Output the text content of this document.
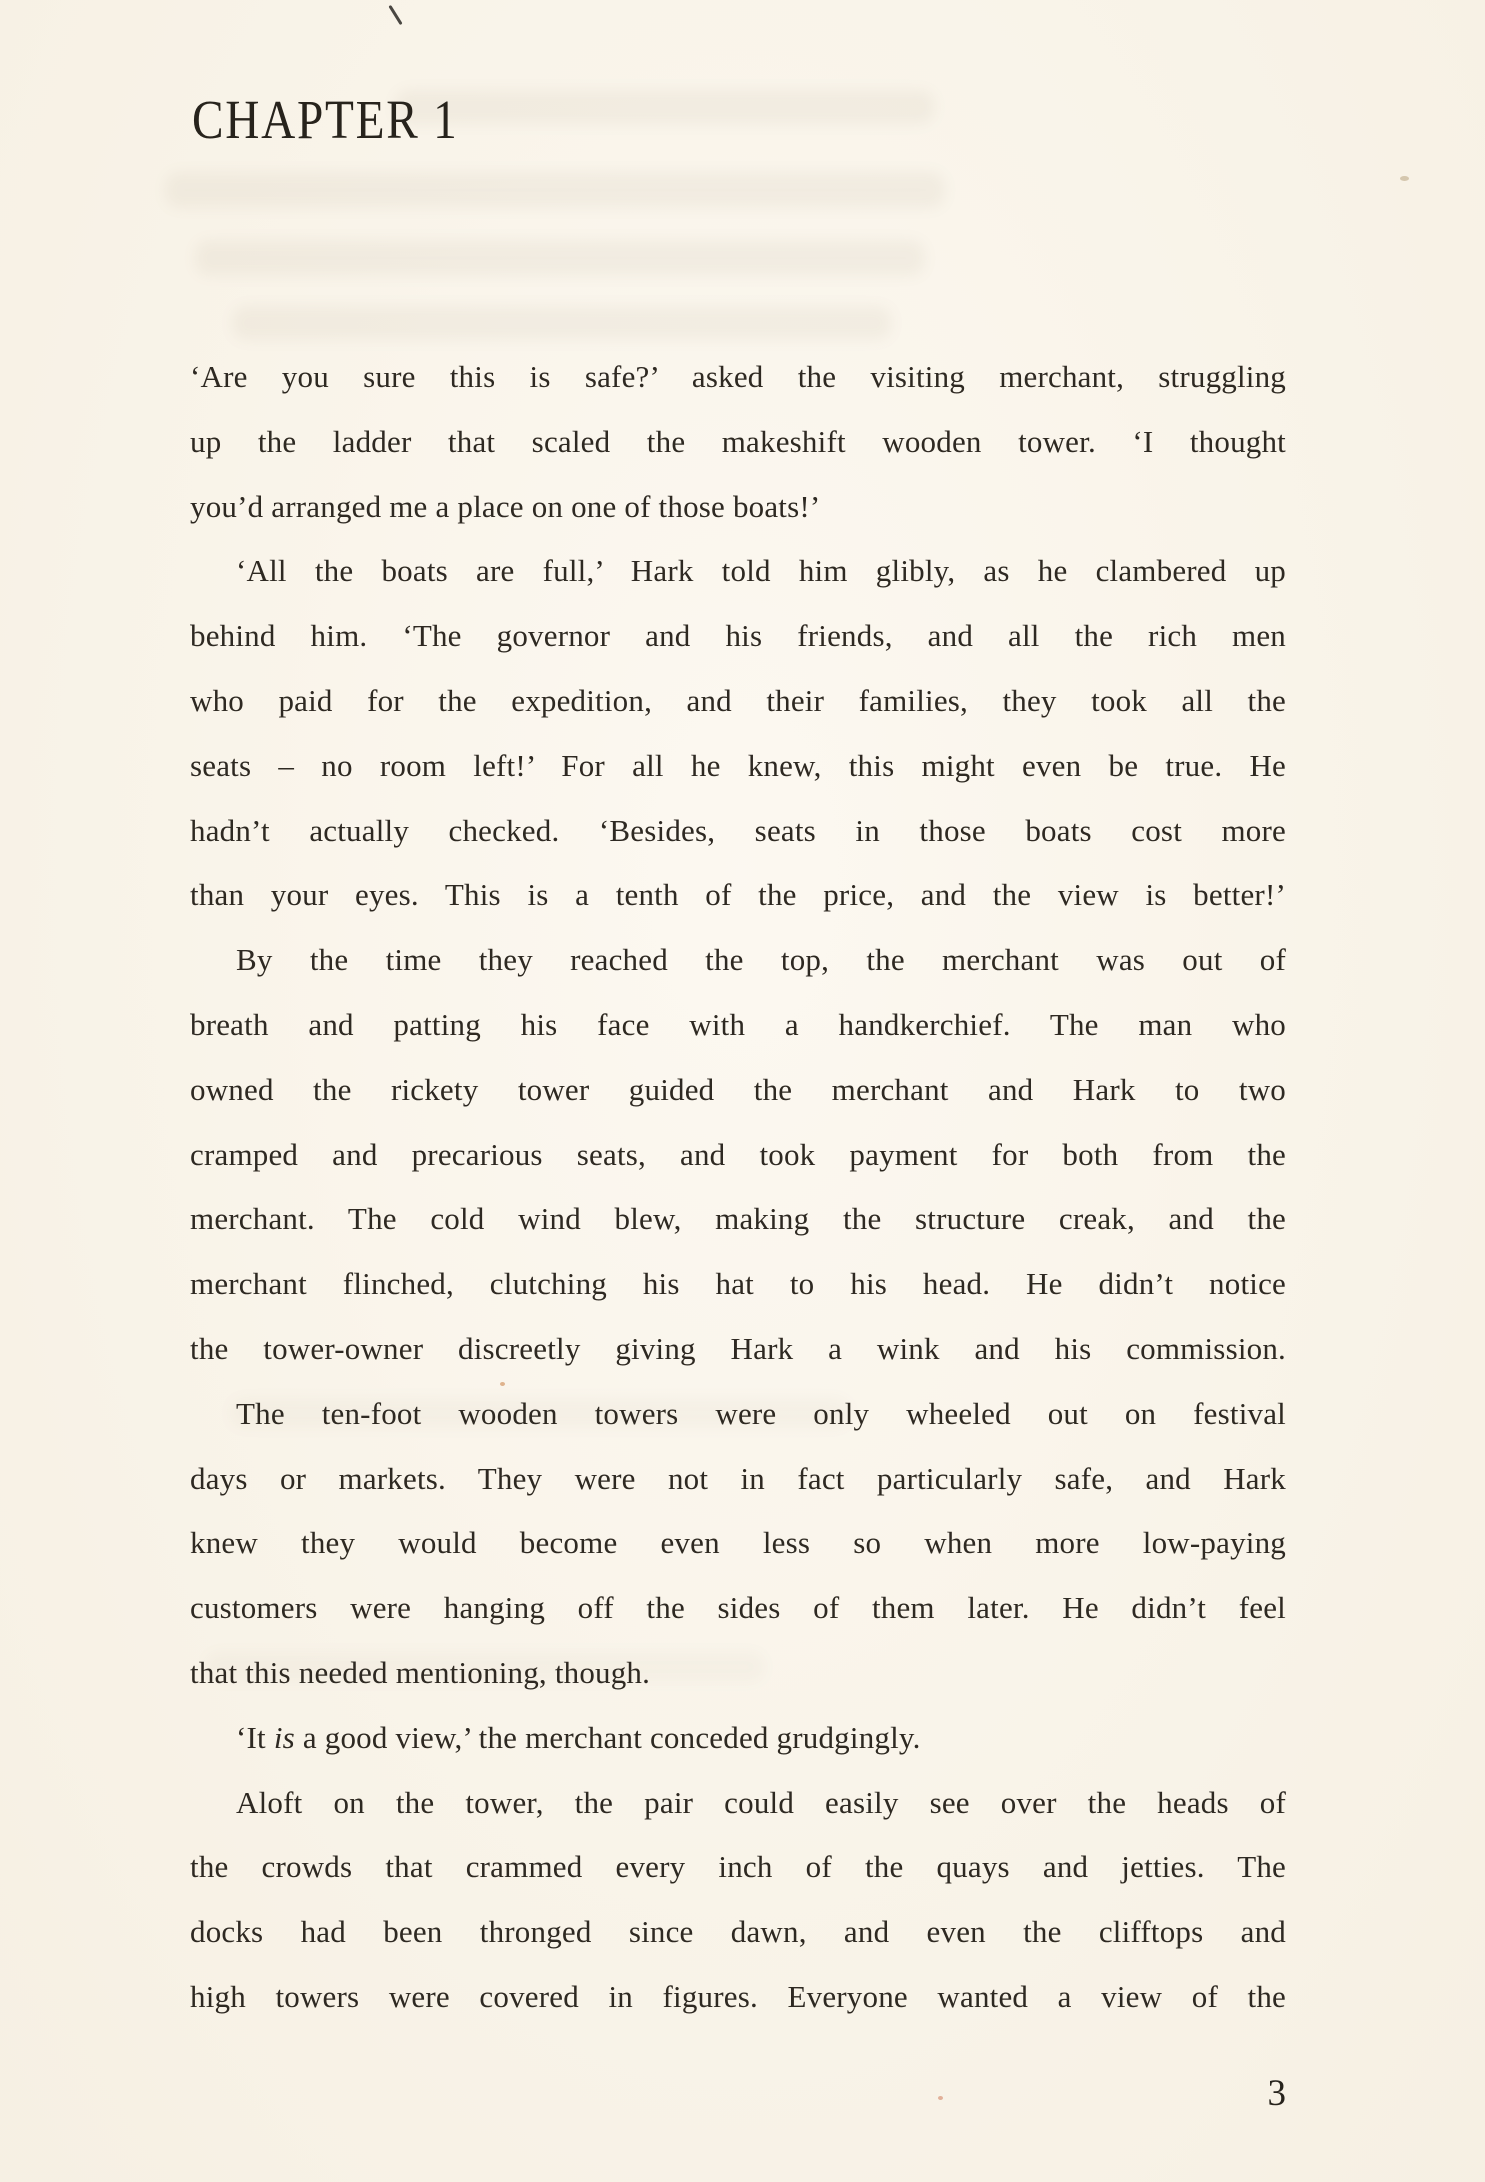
CHAPTER 1
‘Are you sure this is safe?’ asked the visiting merchant, struggling
up the ladder that scaled the makeshift wooden tower. ‘I thought
you’d arranged me a place on one of those boats!’
‘All the boats are full,’ Hark told him glibly, as he clambered up
behind him. ‘The governor and his friends, and all the rich men
who paid for the expedition, and their families, they took all the
seats – no room left!’ For all he knew, this might even be true. He
hadn’t actually checked. ‘Besides, seats in those boats cost more
than your eyes. This is a tenth of the price, and the view is better!’
By the time they reached the top, the merchant was out of
breath and patting his face with a handkerchief. The man who
owned the rickety tower guided the merchant and Hark to two
cramped and precarious seats, and took payment for both from the
merchant. The cold wind blew, making the structure creak, and the
merchant flinched, clutching his hat to his head. He didn’t notice
the tower-owner discreetly giving Hark a wink and his commission.
The ten-foot wooden towers were only wheeled out on festival
days or markets. They were not in fact particularly safe, and Hark
knew they would become even less so when more low-paying
customers were hanging off the sides of them later. He didn’t feel
that this needed mentioning, though.
‘It is a good view,’ the merchant conceded grudgingly.
Aloft on the tower, the pair could easily see over the heads of
the crowds that crammed every inch of the quays and jetties. The
docks had been thronged since dawn, and even the clifftops and
high towers were covered in figures. Everyone wanted a view of the
3
